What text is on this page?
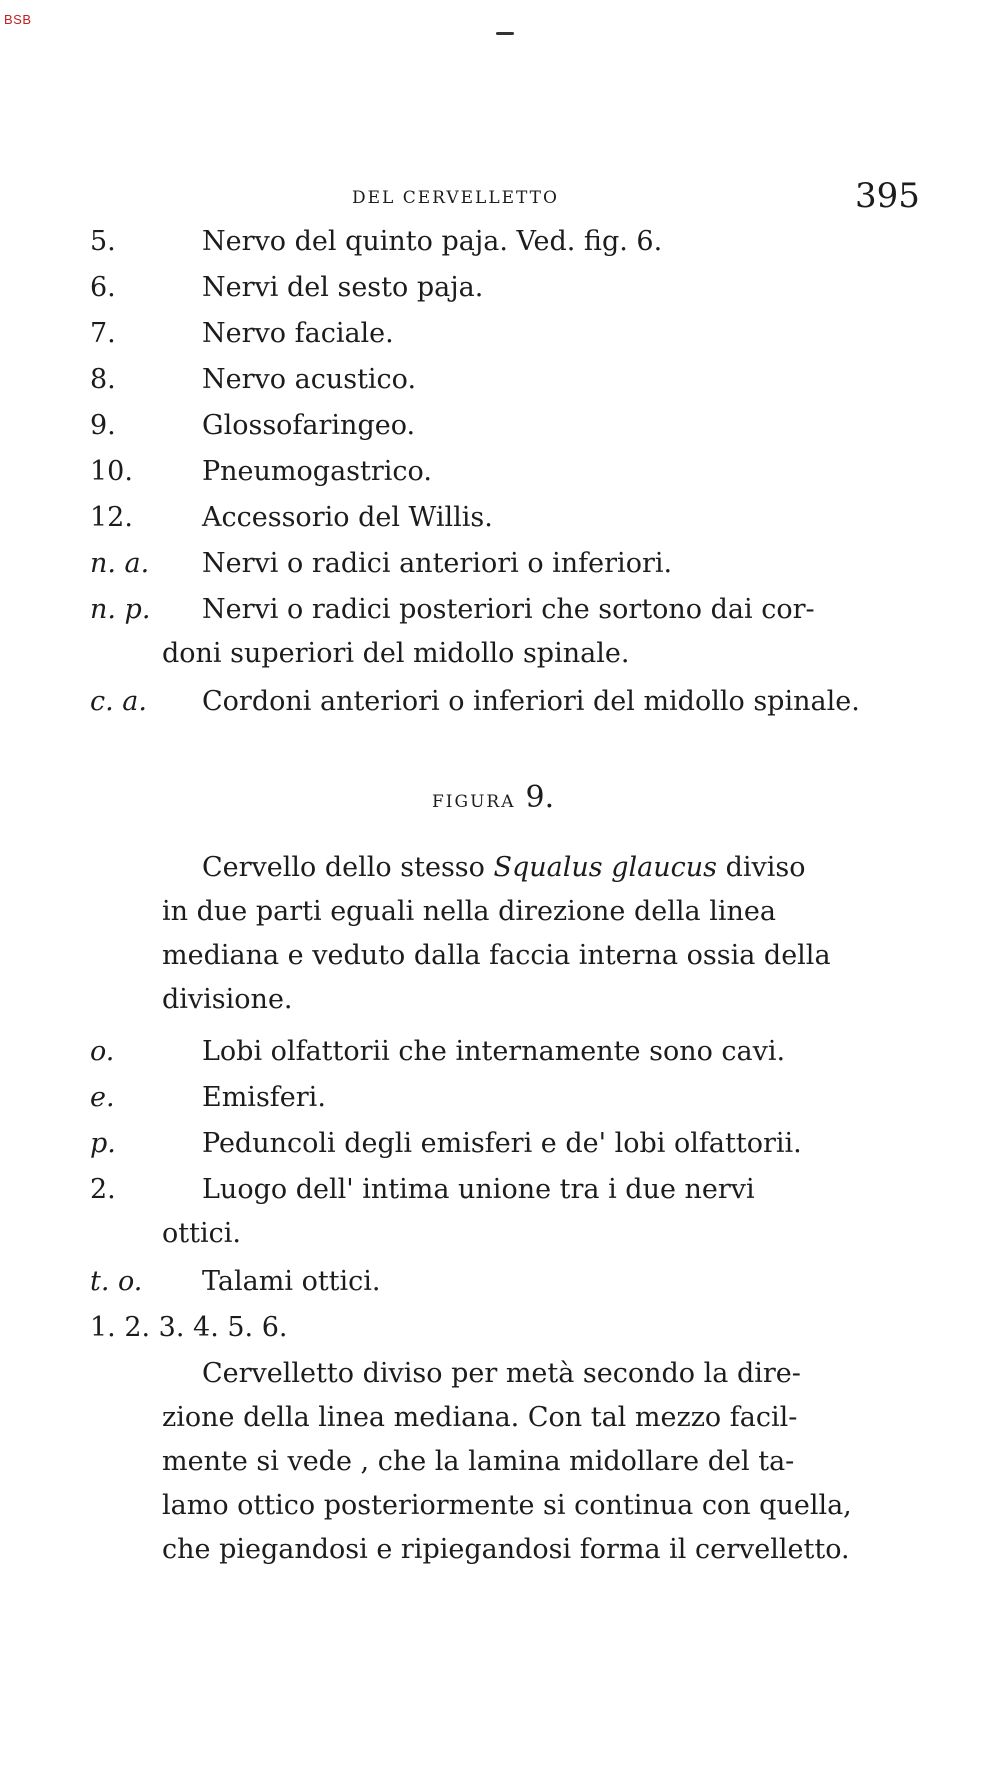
BSB
DEL CERVELLETTO	395
5.	Nervo del quinto paja. Ved. fig. 6.
6.	Nervi del sesto paja.
7.	Nervo faciale.
8.	Nervo acustico.
9.	Glossofaringeo.
10.	Pneumogastrico.
12.	Accessorio del Willis.
n. a.	Nervi o radici anteriori o inferiori.
n. p.	Nervi o radici posteriori che sortono dai cor-
doni superiori del midollo spinale.
c. a.	Cordoni anteriori o inferiori del midollo spinale.
FIGURA 9.
Cervello dello stesso Squalus glaucus diviso
in due parti eguali nella direzione della linea
mediana e veduto dalla faccia interna ossia della
divisione.
o.	Lobi olfattorii che internamente sono cavi.
e.	Emisferi.
p.	Peduncoli degli emisferi e de' lobi olfattorii.
2.	Luogo dell' intima unione tra i due nervi
ottici.
t. o.	Talami ottici.
1. 2. 3. 4. 5. 6.
Cervelletto diviso per metà secondo la dire-
zione della linea mediana. Con tal mezzo facil-
mente si vede , che la lamina midollare del ta-
lamo ottico posteriormente si continua con quella,
che piegandosi e ripiegandosi forma il cervelletto.
